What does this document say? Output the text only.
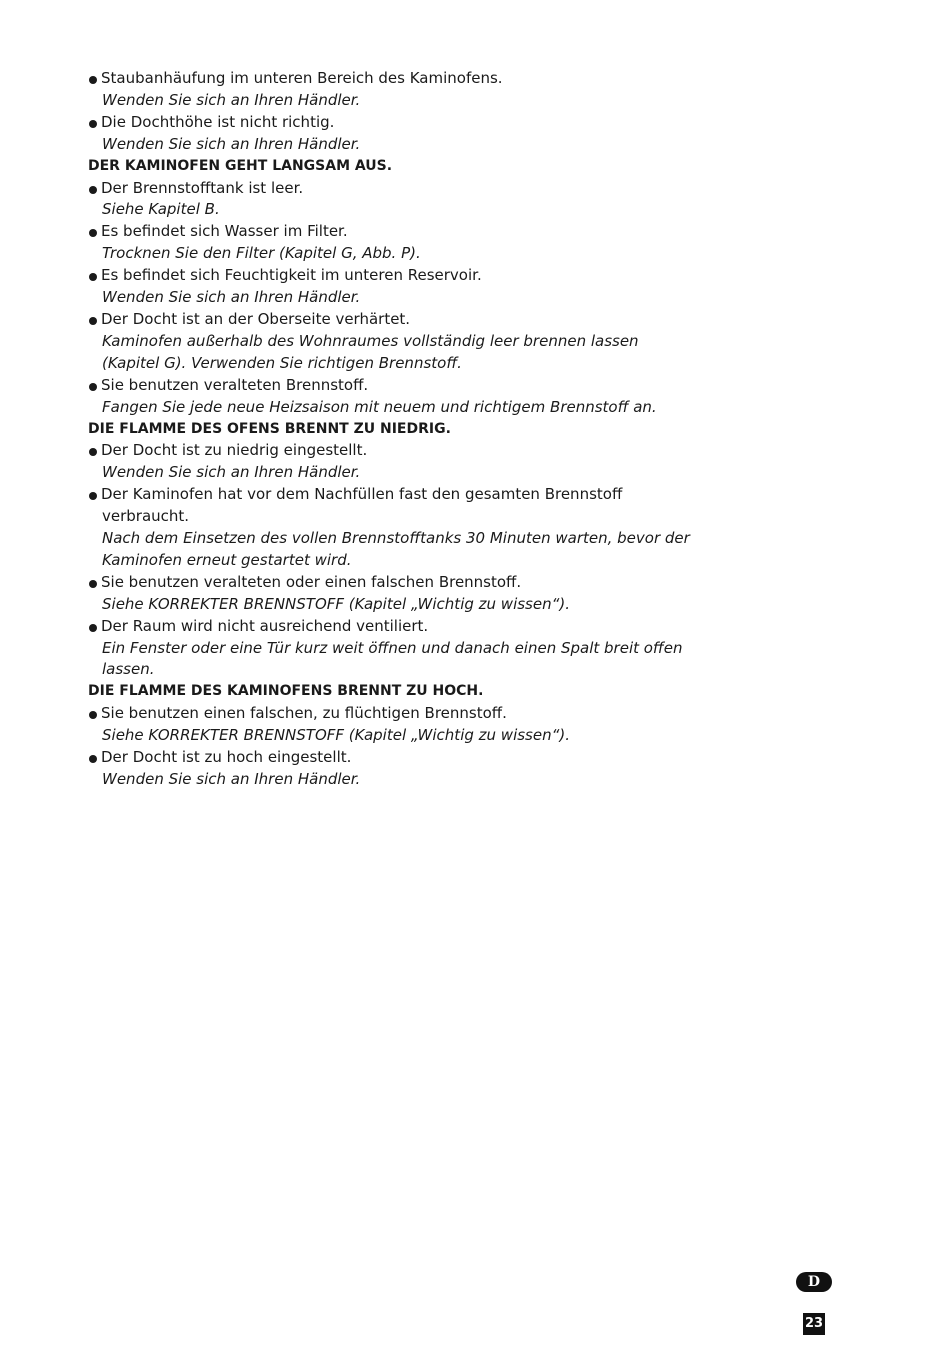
Staubanhäufung im unteren Bereich des Kaminofens.
Wenden Sie sich an Ihren Händler.
Die Dochthöhe ist nicht richtig.
Wenden Sie sich an Ihren Händler.
DER KAMINOFEN GEHT LANGSAM AUS.
Der Brennstofftank ist leer.
Siehe Kapitel B.
Es befindet sich Wasser im Filter.
Trocknen Sie den Filter (Kapitel G, Abb. P).
Es befindet sich Feuchtigkeit im unteren Reservoir.
Wenden Sie sich an Ihren Händler.
Der Docht ist an der Oberseite verhärtet.
Kaminofen außerhalb des Wohnraumes vollständig leer brennen lassen
(Kapitel G). Verwenden Sie richtigen Brennstoff.
Sie benutzen veralteten Brennstoff.
Fangen Sie jede neue Heizsaison mit neuem und richtigem Brennstoff an.
DIE FLAMME DES OFENS BRENNT ZU NIEDRIG.
Der Docht ist zu niedrig eingestellt.
Wenden Sie sich an Ihren Händler.
Der Kaminofen hat vor dem Nachfüllen fast den gesamten Brennstoff
verbraucht.
Nach dem Einsetzen des vollen Brennstofftanks 30 Minuten warten, bevor der
Kaminofen erneut gestartet wird.
Sie benutzen veralteten oder einen falschen Brennstoff.
Siehe KORREKTER BRENNSTOFF (Kapitel „Wichtig zu wissen“).
Der Raum wird nicht ausreichend ventiliert.
Ein Fenster oder eine Tür kurz weit öffnen und danach einen Spalt breit offen
lassen.
DIE FLAMME DES KAMINOFENS BRENNT ZU HOCH.
Sie benutzen einen falschen, zu flüchtigen Brennstoff.
Siehe KORREKTER BRENNSTOFF (Kapitel „Wichtig zu wissen“).
Der Docht ist zu hoch eingestellt.
Wenden Sie sich an Ihren Händler.
D
23
